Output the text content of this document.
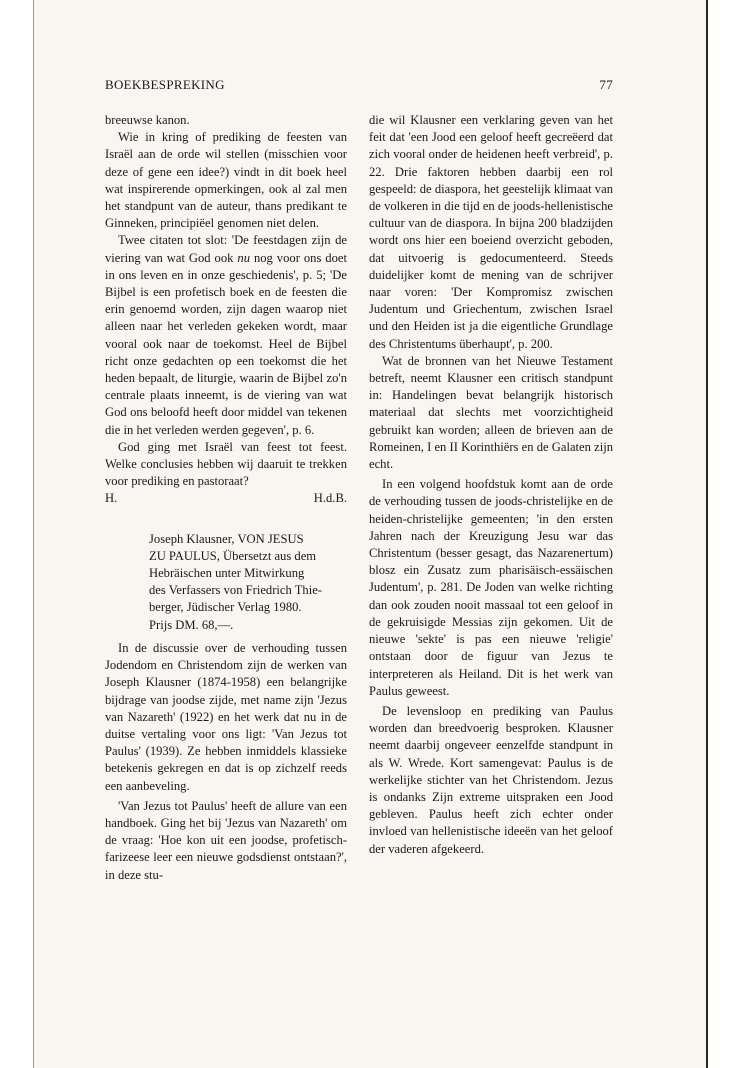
BOEKBESPREKING	77

breeuwse kanon.

Wie in kring of prediking de feesten van Israël aan de orde wil stellen (misschien voor deze of gene een idee?) vindt in dit boek heel wat inspirerende opmerkingen, ook al zal men het standpunt van de auteur, thans predikant te Ginneken, principiëel genomen niet delen.

Twee citaten tot slot: 'De feestdagen zijn de viering van wat God ook nu nog voor ons doet in ons leven en in onze geschiedenis', p. 5; 'De Bijbel is een profetisch boek en de feesten die erin genoemd worden, zijn dagen waarop niet alleen naar het verleden gekeken wordt, maar vooral ook naar de toekomst. Heel de Bijbel richt onze gedachten op een toekomst die het heden bepaalt, de liturgie, waarin de Bijbel zo'n centrale plaats inneemt, is de viering van wat God ons beloofd heeft door middel van tekenen die in het verleden werden gegeven', p. 6.

God ging met Israël van feest tot feest. Welke conclusies hebben wij daaruit te trekken voor prediking en pastoraat?

H.	H.d.B.
Joseph Klausner, VON JESUS
ZU PAULUS, Übersetzt aus dem
Hebräischen unter Mitwirkung
des Verfassers von Friedrich Thie-
berger, Jüdischer Verlag 1980.
Prijs DM. 68,—.

In de discussie over de verhouding tussen Jodendom en Christendom zijn de werken van Joseph Klausner (1874-1958) een belangrijke bijdrage van joodse zijde, met name zijn 'Jezus van Nazareth' (1922) en het werk dat nu in de duitse vertaling voor ons ligt: 'Van Jezus tot Paulus' (1939). Ze hebben inmiddels klassieke betekenis gekregen en dat is op zichzelf reeds een aanbeveling.

'Van Jezus tot Paulus' heeft de allure van een handboek. Ging het bij 'Jezus van Nazareth' om de vraag: 'Hoe kon uit een joodse, profetisch-farizeese leer een nieuwe godsdienst ontstaan?', in deze stu-

die wil Klausner een verklaring geven van het feit dat 'een Jood een geloof heeft gecreëerd dat zich vooral onder de heidenen heeft verbreid', p. 22. Drie faktoren hebben daarbij een rol gespeeld: de diaspora, het geestelijk klimaat van de volkeren in die tijd en de joods-hellenistische cultuur van de diaspora. In bijna 200 bladzijden wordt ons hier een boeiend overzicht geboden, dat uitvoerig is gedocumenteerd. Steeds duidelijker komt de mening van de schrijver naar voren: 'Der Kompromisz zwischen Judentum und Griechentum, zwischen Israel und den Heiden ist ja die eigentliche Grundlage des Christentums überhaupt', p. 200.

Wat de bronnen van het Nieuwe Testament betreft, neemt Klausner een critisch standpunt in: Handelingen bevat belangrijk historisch materiaal dat slechts met voorzichtigheid gebruikt kan worden; alleen de brieven aan de Romeinen, I en II Korinthiërs en de Galaten zijn echt.

In een volgend hoofdstuk komt aan de orde de verhouding tussen de joods-christelijke en de heiden-christelijke gemeenten; 'in den ersten Jahren nach der Kreuzigung Jesu war das Christentum (besser gesagt, das Nazarenertum) blosz ein Zusatz zum pharisäisch-essäischen Judentum', p. 281. De Joden van welke richting dan ook zouden nooit massaal tot een geloof in de gekruisigde Messias zijn gekomen. Uit de nieuwe 'sekte' is pas een nieuwe 'religie' ontstaan door de figuur van Jezus te interpreteren als Heiland. Dit is het werk van Paulus geweest.

De levensloop en prediking van Paulus worden dan breedvoerig besproken. Klausner neemt daarbij ongeveer eenzelfde standpunt in als W. Wrede. Kort samengevat: Paulus is de werkelijke stichter van het Christendom. Jezus is ondanks Zijn extreme uitspraken een Jood gebleven. Paulus heeft zich echter onder invloed van hellenistische ideeën van het geloof der vaderen afgekeerd.
